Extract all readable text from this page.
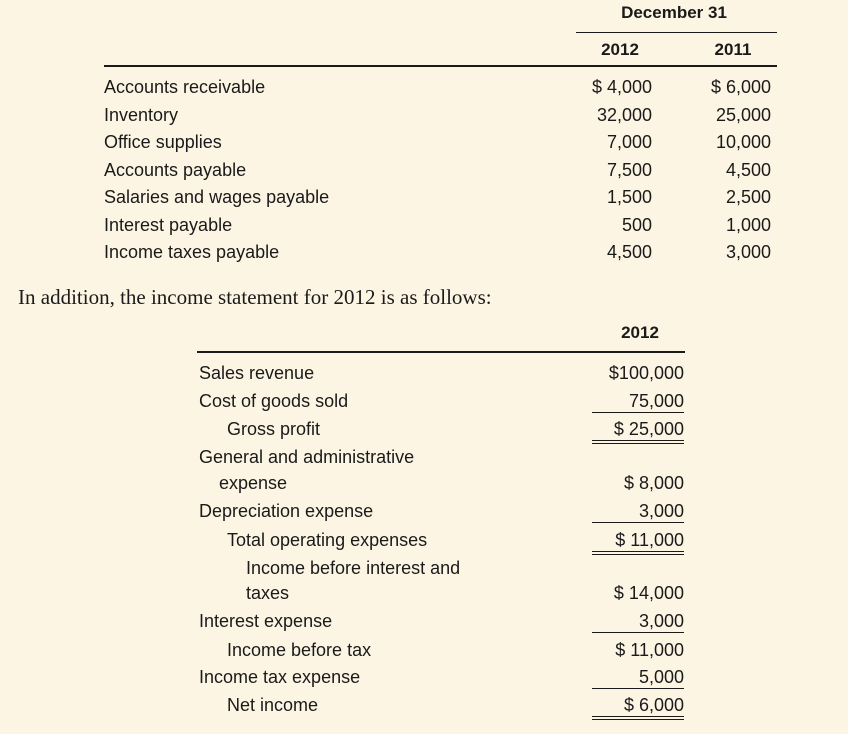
December 31
2012	2011
Accounts receivable	$ 4,000	$ 6,000
Inventory	32,000	25,000
Office supplies	7,000	10,000
Accounts payable	7,500	4,500
Salaries and wages payable	1,500	2,500
Interest payable	500	1,000
Income taxes payable	4,500	3,000
In addition, the income statement for 2012 is as follows:
2012
Sales revenue	$100,000
Cost of goods sold	75,000
Gross profit	$ 25,000
General and administrative
expense	$ 8,000
Depreciation expense	3,000
Total operating expenses	$ 11,000
Income before interest and
taxes	$ 14,000
Interest expense	3,000
Income before tax	$ 11,000
Income tax expense	5,000
Net income	$ 6,000
